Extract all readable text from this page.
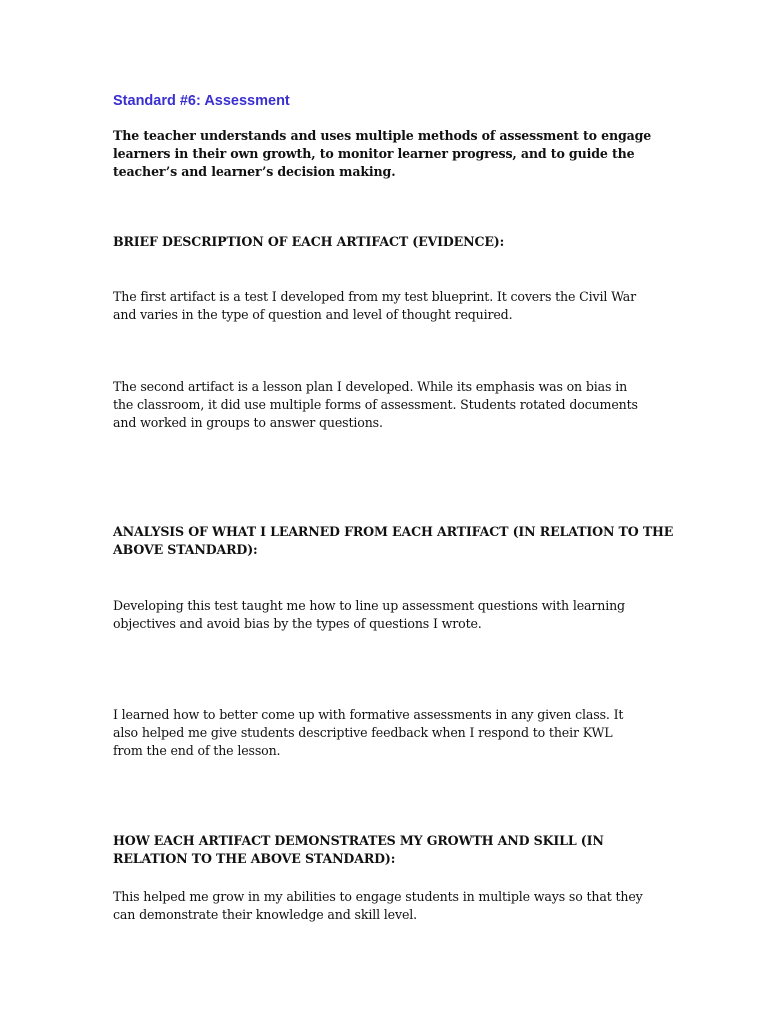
Standard #6: Assessment

The teacher understands and uses multiple methods of assessment to engage
learners in their own growth, to monitor learner progress, and to guide the
teacher’s and learner’s decision making.

BRIEF DESCRIPTION OF EACH ARTIFACT (EVIDENCE):

The first artifact is a test I developed from my test blueprint. It covers the Civil War
and varies in the type of question and level of thought required.

The second artifact is a lesson plan I developed. While its emphasis was on bias in
the classroom, it did use multiple forms of assessment. Students rotated documents
and worked in groups to answer questions.

ANALYSIS OF WHAT I LEARNED FROM EACH ARTIFACT (IN RELATION TO THE
ABOVE STANDARD):

Developing this test taught me how to line up assessment questions with learning
objectives and avoid bias by the types of questions I wrote.

I learned how to better come up with formative assessments in any given class. It
also helped me give students descriptive feedback when I respond to their KWL
from the end of the lesson.

HOW EACH ARTIFACT DEMONSTRATES MY GROWTH AND SKILL (IN
RELATION TO THE ABOVE STANDARD):

This helped me grow in my abilities to engage students in multiple ways so that they
can demonstrate their knowledge and skill level.
